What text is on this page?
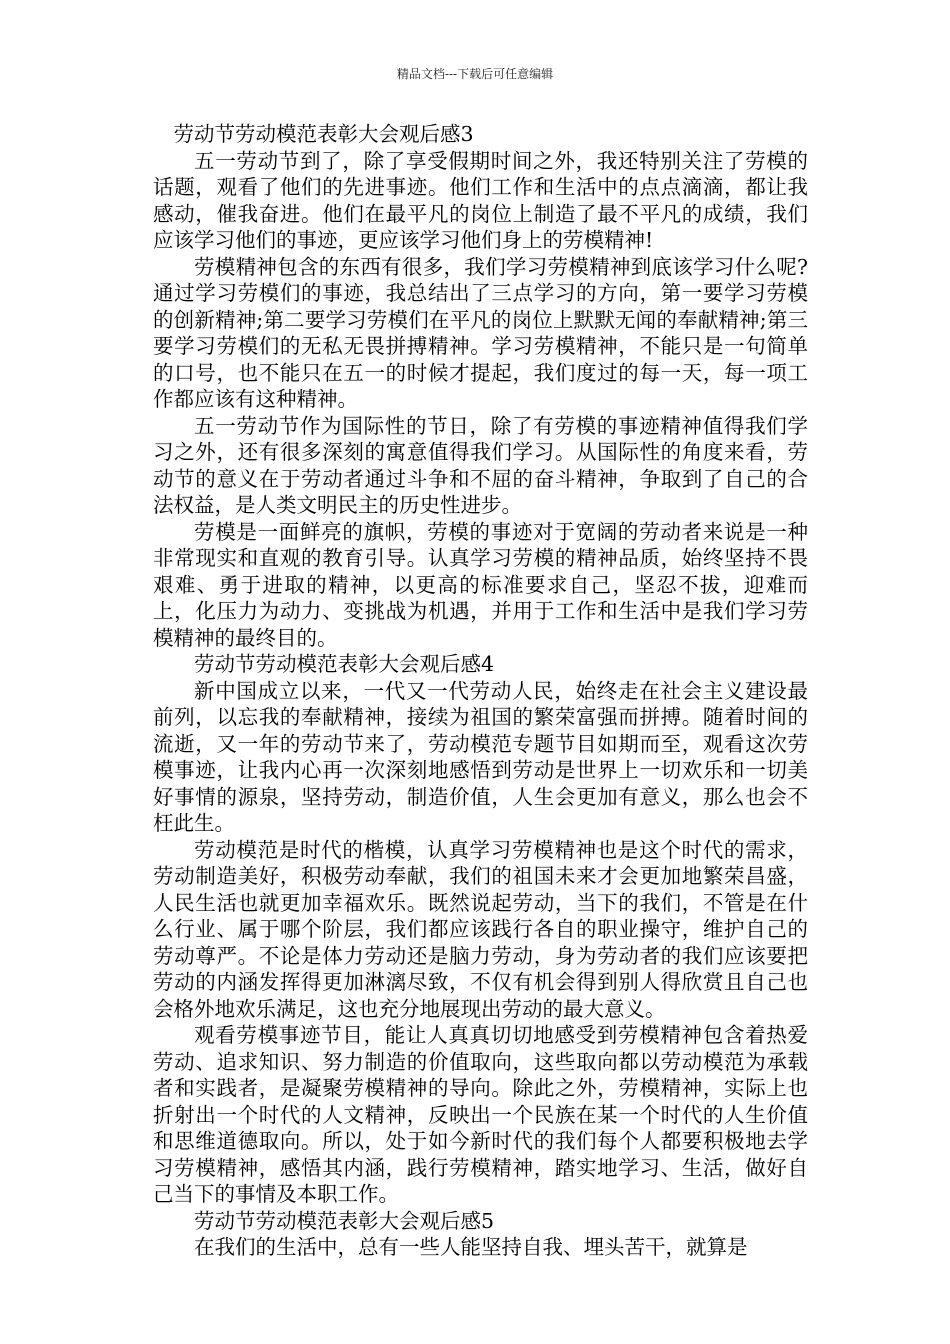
精品文档---下载后可任意编辑
劳动节劳动模范表彰大会观后感3

五一劳动节到了，除了享受假期时间之外，我还特别关注了劳模的话题，观看了他们的先进事迹。他们工作和生活中的点点滴滴，都让我感动，催我奋进。他们在最平凡的岗位上制造了最不平凡的成绩，我们应该学习他们的事迹，更应该学习他们身上的劳模精神!

劳模精神包含的东西有很多，我们学习劳模精神到底该学习什么呢?通过学习劳模们的事迹，我总结出了三点学习的方向，第一要学习劳模的创新精神;第二要学习劳模们在平凡的岗位上默默无闻的奉献精神;第三要学习劳模们的无私无畏拼搏精神。学习劳模精神，不能只是一句简单的口号，也不能只在五一的时候才提起，我们度过的每一天，每一项工作都应该有这种精神。

五一劳动节作为国际性的节日，除了有劳模的事迹精神值得我们学习之外，还有很多深刻的寓意值得我们学习。从国际性的角度来看，劳动节的意义在于劳动者通过斗争和不屈的奋斗精神，争取到了自己的合法权益，是人类文明民主的历史性进步。

劳模是一面鲜亮的旗帜，劳模的事迹对于宽阔的劳动者来说是一种非常现实和直观的教育引导。认真学习劳模的精神品质，始终坚持不畏艰难、勇于进取的精神，以更高的标准要求自己，坚忍不拔，迎难而上，化压力为动力、变挑战为机遇，并用于工作和生活中是我们学习劳模精神的最终目的。

劳动节劳动模范表彰大会观后感4

新中国成立以来，一代又一代劳动人民，始终走在社会主义建设最前列，以忘我的奉献精神，接续为祖国的繁荣富强而拼搏。随着时间的流逝，又一年的劳动节来了，劳动模范专题节目如期而至，观看这次劳模事迹，让我内心再一次深刻地感悟到劳动是世界上一切欢乐和一切美好事情的源泉，坚持劳动，制造价值，人生会更加有意义，那么也会不枉此生。

劳动模范是时代的楷模，认真学习劳模精神也是这个时代的需求，劳动制造美好，积极劳动奉献，我们的祖国未来才会更加地繁荣昌盛，人民生活也就更加幸福欢乐。既然说起劳动，当下的我们，不管是在什么行业、属于哪个阶层，我们都应该践行各自的职业操守，维护自己的劳动尊严。不论是体力劳动还是脑力劳动，身为劳动者的我们应该要把劳动的内涵发挥得更加淋漓尽致，不仅有机会得到别人得欣赏且自己也会格外地欢乐满足，这也充分地展现出劳动的最大意义。

观看劳模事迹节目，能让人真真切切地感受到劳模精神包含着热爱劳动、追求知识、努力制造的价值取向，这些取向都以劳动模范为承载者和实践者，是凝聚劳模精神的导向。除此之外，劳模精神，实际上也折射出一个时代的人文精神，反映出一个民族在某一个时代的人生价值和思维道德取向。所以，处于如今新时代的我们每个人都要积极地去学习劳模精神，感悟其内涵，践行劳模精神，踏实地学习、生活，做好自己当下的事情及本职工作。

劳动节劳动模范表彰大会观后感5

在我们的生活中，总有一些人能坚持自我、埋头苦干，就算是
